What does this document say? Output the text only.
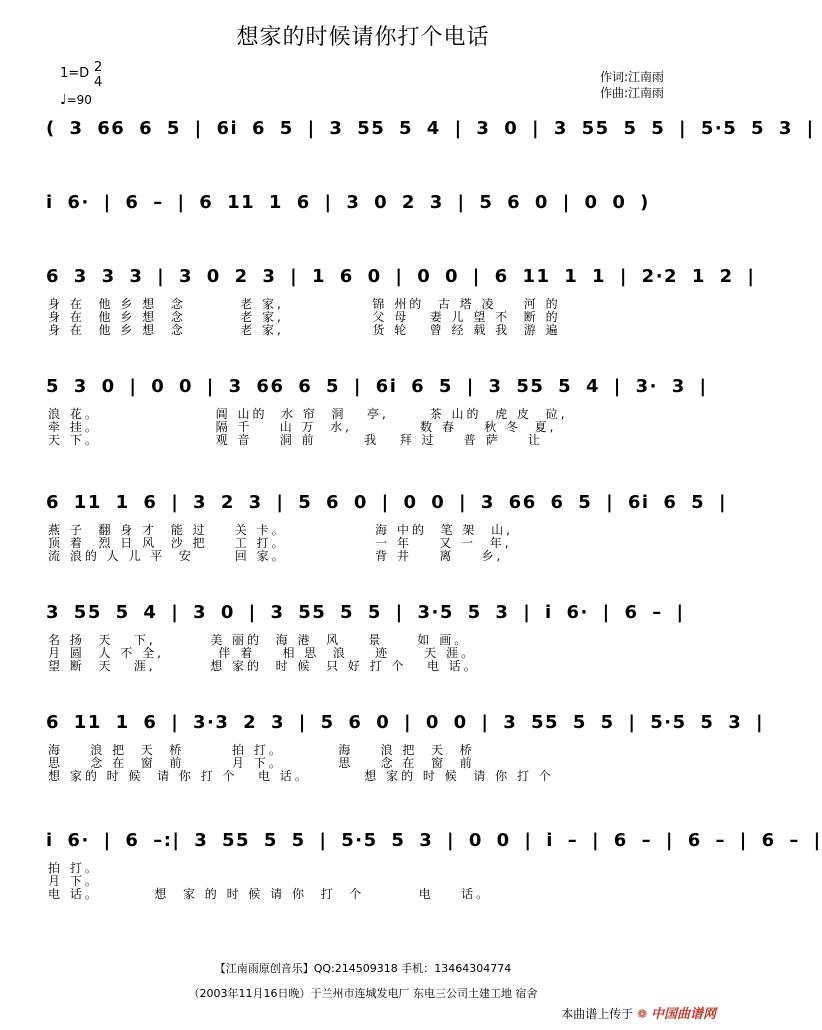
想家的时候请你打个电话
1=D 2
4
♩=90
作词:江南雨
作曲:江南雨
( 3 66 6 5 | 6i 6 5 | 3 55 5 4 | 3 0 | 3 55 5 5 | 5·5 5 3 |
i 6· | 6 – | 6 11 1 6 | 3 0 2 3 | 5 6 0 | 0 0 )
6 3 3 3 | 3 0 2 3 | 1 6 0 | 0 0 | 6 11 1 1 | 2·2 1 2 |
身 在  他 乡 想  念        老 家,             锦 州的  古 塔 凌    河 的
身 在  他 乡 想  念        老 家,             父 母   妻 儿 望 不  断 的
身 在  他 乡 想  念        老 家,             货 轮   曾 经 载 我  游 遍
5 3 0 | 0 0 | 3 66 6 5 | 6i 6 5 | 3 55 5 4 | 3· 3 |
浪 花。                 阊 山的  水 帘  洞   亭,      茶 山的  虎 皮  砬,
牵 挂。                 隔 千    山 万  水,          数 春    秋 冬  夏,
天 下。                 观 音    洞 前       我   拜 过    普 萨    让
6 11 1 6 | 3 2 3 | 5 6 0 | 0 0 | 3 66 6 5 | 6i 6 5 |
燕 子  翻 身 才  能 过    关 卡。             海 中的  笔 架  山,
顶 着  烈 日 风  沙 把    工 打。             一 年    又 一  年,
流 浪的 人 儿 平  安      回 家。             背 井    离    乡,
3 55 5 4 | 3 0 | 3 55 5 5 | 3·5 5 3 | i 6· | 6 – |
名 扬  天   下,        美 丽的  海 港  风    景     如 画。
月 圆  人 不 全,        伴 着    相 思  浪    迹     天 涯。
望 断  天   涯,        想 家的  时 候  只 好 打 个   电 话。
6 11 1 6 | 3·3 2 3 | 5 6 0 | 0 0 | 3 55 5 5 | 5·5 5 3 |
海    浪 把  天  桥       拍 打。        海    浪 把  天  桥
思    念 在  窗  前       月 下。        思    念 在  窗  前
想 家的 时 候  请 你 打 个   电 话。        想 家的 时 候  请 你 打 个
i 6· | 6 –:| 3 55 5 5 | 5·5 5 3 | 0 0 | i – | 6 – | 6 – | 6 – |
拍 打。
月 下。
电 话。        想  家 的 时 候 请 你  打  个        电    话。
【江南雨原创音乐】QQ:214509318 手机：13464304774
（2003年11月16日晚）于兰州市连城发电厂 东电三公司土建工地 宿舍
本曲谱上传于 ❁ 中国曲谱网
